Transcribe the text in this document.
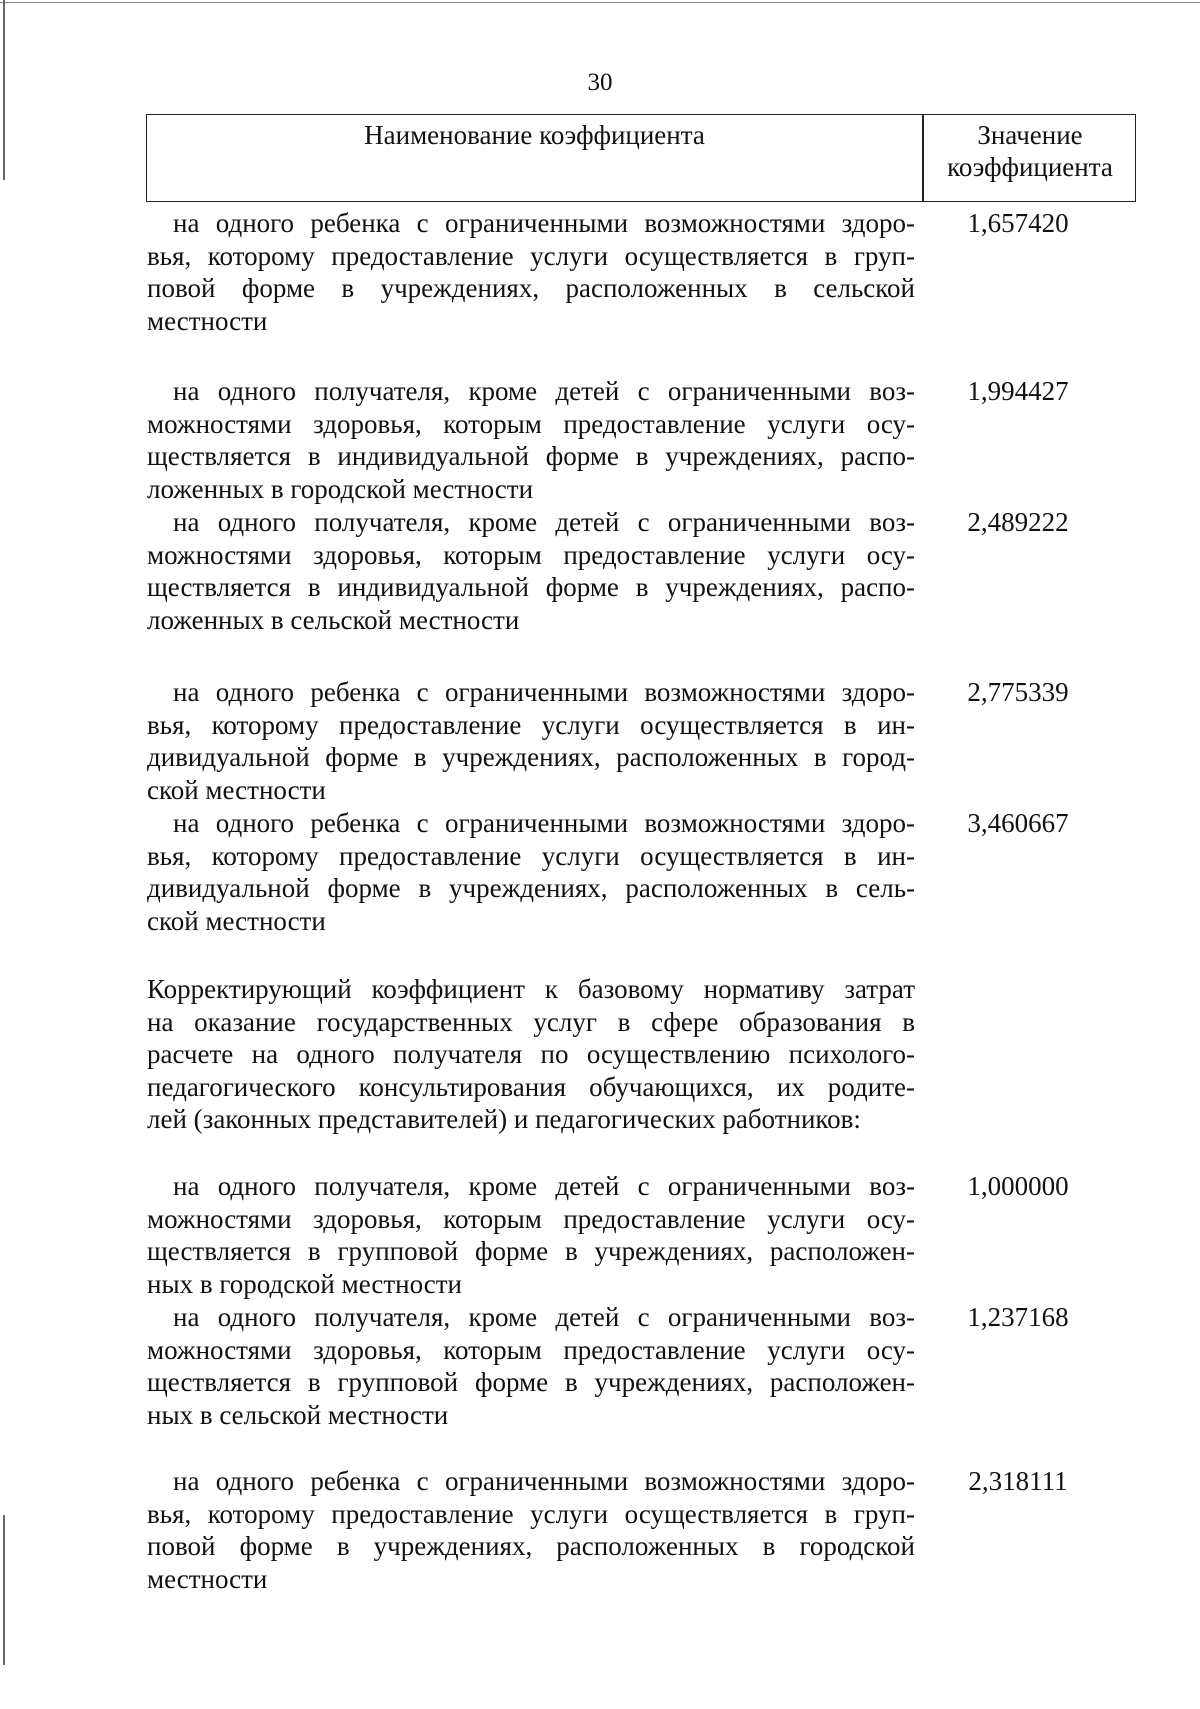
30
Наименование коэффициента	Значение
коэффициента
на одного ребенка с ограниченными возможностями здоро-
вья, которому предоставление услуги осуществляется в груп-
повой форме в учреждениях, расположенных в сельской
местности
1,657420
на одного получателя, кроме детей с ограниченными воз-
можностями здоровья, которым предоставление услуги осу-
ществляется в индивидуальной форме в учреждениях, распо-
ложенных в городской местности
1,994427
на одного получателя, кроме детей с ограниченными воз-
можностями здоровья, которым предоставление услуги осу-
ществляется в индивидуальной форме в учреждениях, распо-
ложенных в сельской местности
2,489222
на одного ребенка с ограниченными возможностями здоро-
вья, которому предоставление услуги осуществляется в ин-
дивидуальной форме в учреждениях, расположенных в город-
ской местности
2,775339
на одного ребенка с ограниченными возможностями здоро-
вья, которому предоставление услуги осуществляется в ин-
дивидуальной форме в учреждениях, расположенных в сель-
ской местности
3,460667
Корректирующий коэффициент к базовому нормативу затрат
на оказание государственных услуг в сфере образования в
расчете на одного получателя по осуществлению психолого-
педагогического консультирования обучающихся, их родите-
лей (законных представителей) и педагогических работников:
на одного получателя, кроме детей с ограниченными воз-
можностями здоровья, которым предоставление услуги осу-
ществляется в групповой форме в учреждениях, расположен-
ных в городской местности
1,000000
на одного получателя, кроме детей с ограниченными воз-
можностями здоровья, которым предоставление услуги осу-
ществляется в групповой форме в учреждениях, расположен-
ных в сельской местности
1,237168
на одного ребенка с ограниченными возможностями здоро-
вья, которому предоставление услуги осуществляется в груп-
повой форме в учреждениях, расположенных в городской
местности
2,318111
